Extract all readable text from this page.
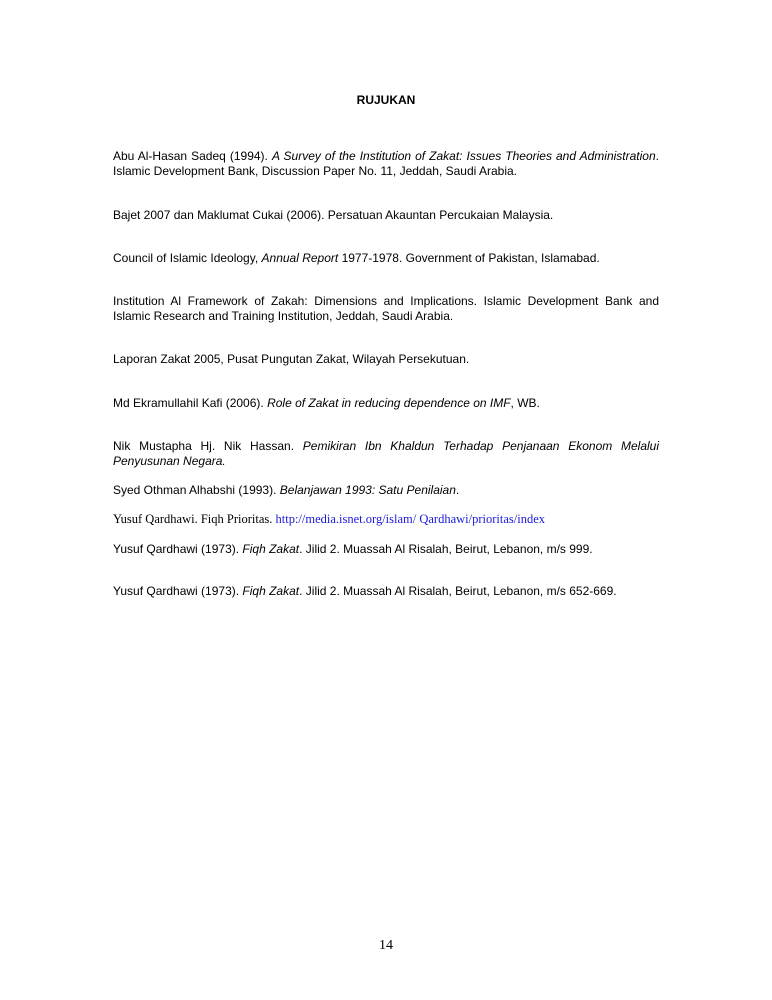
RUJUKAN
Abu Al-Hasan Sadeq (1994). A Survey of the Institution of Zakat: Issues Theories and Administration. Islamic Development Bank, Discussion Paper No. 11, Jeddah, Saudi Arabia.
Bajet 2007 dan Maklumat Cukai (2006). Persatuan Akauntan Percukaian Malaysia.
Council of Islamic Ideology, Annual Report 1977-1978. Government of Pakistan, Islamabad.
Institution Al Framework of Zakah: Dimensions and Implications. Islamic Development Bank and Islamic Research and Training Institution, Jeddah, Saudi Arabia.
Laporan Zakat 2005, Pusat Pungutan Zakat, Wilayah Persekutuan.
Md Ekramullahil Kafi (2006). Role of Zakat in reducing dependence on IMF, WB.
Nik Mustapha Hj. Nik Hassan. Pemikiran Ibn Khaldun Terhadap Penjanaan Ekonom Melalui Penyusunan Negara.
Syed Othman Alhabshi (1993). Belanjawan 1993: Satu Penilaian.
Yusuf Qardhawi. Fiqh Prioritas. http://media.isnet.org/islam/ Qardhawi/prioritas/index
Yusuf Qardhawi (1973). Fiqh Zakat. Jilid 2. Muassah Al Risalah, Beirut, Lebanon, m/s 999.
Yusuf Qardhawi (1973). Fiqh Zakat. Jilid 2. Muassah Al Risalah, Beirut, Lebanon, m/s 652-669.
14
